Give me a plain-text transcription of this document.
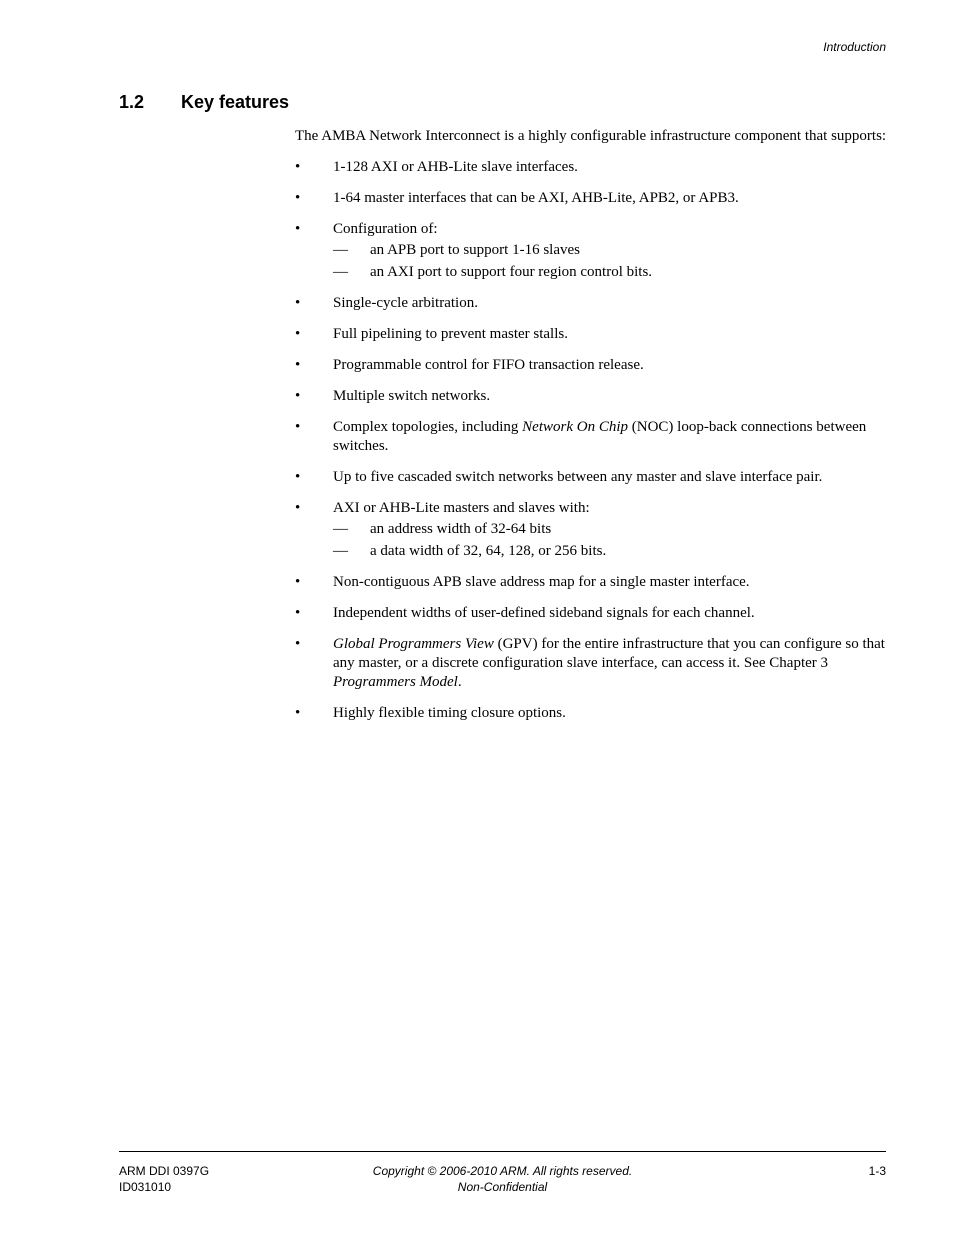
Introduction
1.2	Key features

The AMBA Network Interconnect is a highly configurable infrastructure component that supports:

• 1-128 AXI or AHB-Lite slave interfaces.
• 1-64 master interfaces that can be AXI, AHB-Lite, APB2, or APB3.
• Configuration of:
— an APB port to support 1-16 slaves
— an AXI port to support four region control bits.
• Single-cycle arbitration.
• Full pipelining to prevent master stalls.
• Programmable control for FIFO transaction release.
• Multiple switch networks.
• Complex topologies, including Network On Chip (NOC) loop-back connections between switches.
• Up to five cascaded switch networks between any master and slave interface pair.
• AXI or AHB-Lite masters and slaves with:
— an address width of 32-64 bits
— a data width of 32, 64, 128, or 256 bits.
• Non-contiguous APB slave address map for a single master interface.
• Independent widths of user-defined sideband signals for each channel.
• Global Programmers View (GPV) for the entire infrastructure that you can configure so that any master, or a discrete configuration slave interface, can access it. See Chapter 3 Programmers Model.
• Highly flexible timing closure options.
ARM DDI 0397G
ID031010
Copyright © 2006-2010 ARM. All rights reserved.
Non-Confidential
1-3
